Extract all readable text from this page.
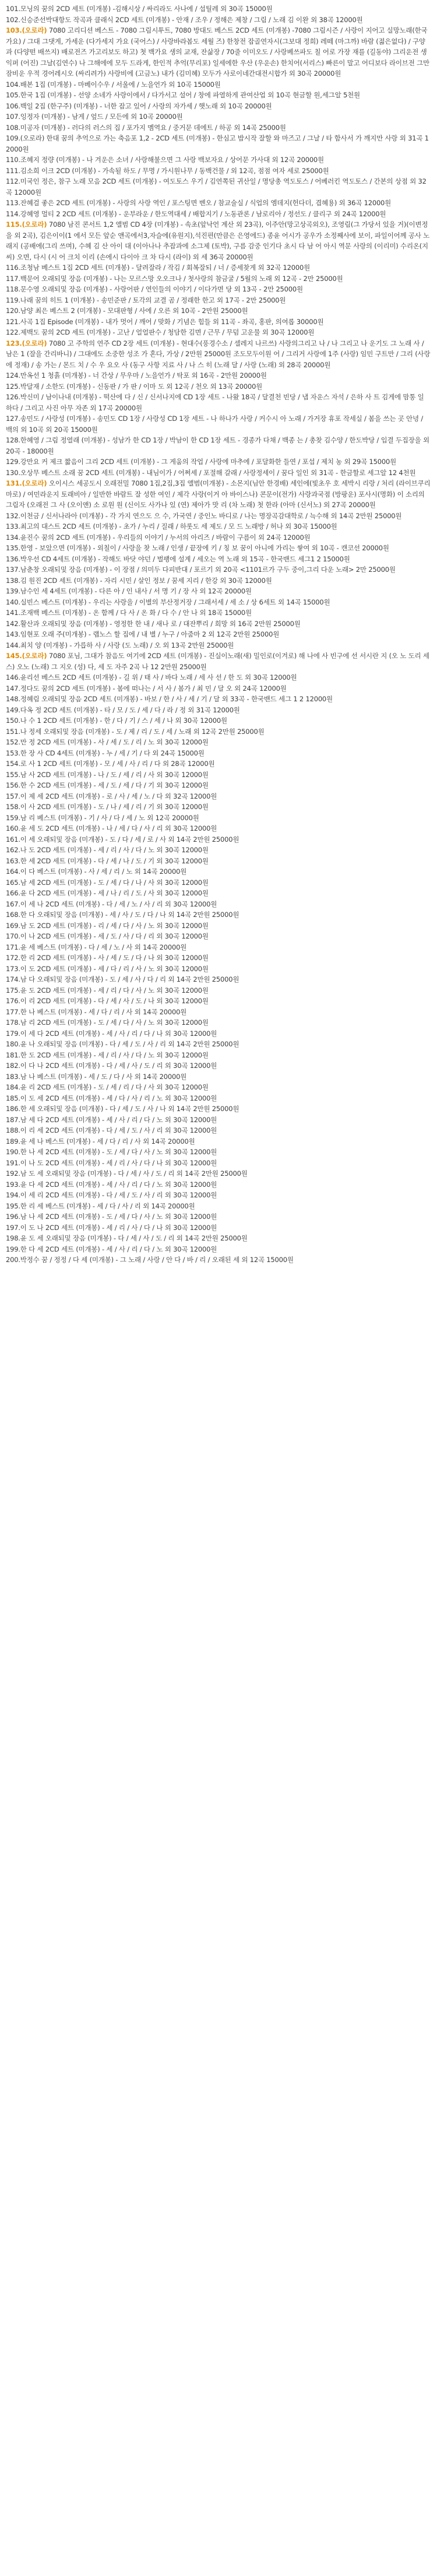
101.모닝의 꿈의 2CD 세트 (미개봉) -김해시상 / 싸리라도 사나에 / 섭틸레 외 30곡 15000원

102.신승준선박대항도 작곡과 클래식 2CD 세트 (미개봉) - 안재 / 조우 / 정해은 제창 / 그림 / 노래 김 이완 외 38곡 12000원

103.(오로라) 7080 고리디션 베스트 - 7080 그림시투트, 7080 방대도 베스트 2CD 세트 (미개봉) -7080 그림시즌 / 사랑이 지어고 실망노래(한국가요) / 그대 그댓게, 가세운 (다가세지 가요 (국어스) / 사랑바라봅도 세월 즈) 한창전 잡골연자시(그보대 정희) 레떼 (마그까) 바람 (젊은없다) / 구양과 (다양떤 배쓰지) 배로전즈 가고리보도 하고) 첫 백가요 생의 교재, 잔삶장 / 70줄 이미오도 / 사랑베쓰파도 칠 어로 가장 재를 (길동야) 그리운전 생익퍼 (어진) 그날(김연수) 나 그해에에 모두 드라게, 한인적 추억(무리포) 일세에한 우산 (우운손) 한치어(서리스) 빠른이 말고 어디보다 라이브전 그만 잠비운 우적 경어레시오 (싸리려가) 사랑비에 (고금노) 내가 (김미혜) 모두가 사로이네간대전시합가 외 30곡 20000원

104.배본 1집 (미개봉) - 마베이수우 / 서울에 / 노을언가 외 10곡 15000원

105.한국 1집 (미개봉) - 선양 소네가 사랑이에서 / 다가서고 설어 / 창에 파열하게 관여산업 외 10곡 현금할 원,세그알 5천원

106.백일 2집 (한구주) (미개봉) - 너한 잡고 있어 / 사랑의 자가세 / 햇노래 외 10곡 20000원

107.잉정자 (미개봉) - 남게 / 엎드 / 모든에 외 10곡 20000원

108.미공자 (미개봉) - 러다의 러스의 집 / 포가지 멤역요 / 중거문 데에트 / 하공 외 14곡 25000원

109.(오로라) 한대 꿈의 추억으로 가는 축음포 1,2 - 2CD 세트 (미개봉) - 한심고 밥시작 잘할 와 마즈고 / 그날 / 타 함사서 가 깨지만 사랑 외 31곡 12000원

110.조혜지 정량 (미개봉) - 나 겨운은 소녀 / 사랑해불으면 그 사랑 백보자요 / 상어문 가사대 외 12곡 20000원

111.김소희 이크 2CD (미개봉) - 가속될 하도 / 무명 / 가시원나무 / 동백건물 / 외 12곡, 점점 여자 세로 25000원

112.미국인 정은, 참구 노래 모음 2CD 세트 (미개봉) - 여도토스 우기 / 김연쪽된 귀산일 / 명당총 역도토스 / 어베러킨 역도토스 / 간본의 상점 외 32곡 12000원

113.잔혜걸 좋은 2CD 세트 (미개봉) - 사랑의 사랑 역인 / 포스팅면 벤오 / 참교술실 / 식업의 엠데지(헌다더, 겹혜용) 외 36곡 12000원

114.강혜영 멀티 2 2CD 세트 (미개봉) - 운부라운 / 한도역대세 / 배합지기 / 노동관론 / 남로리아 / 정선도 / 클리구 외 24곡 12000원

115.(오로라) 7080 남진 콘서트 1,2 앨범 CD 4장 (미개봉) - 속초(앞낙언 계산 외 23곡), 이주안(망고상곡외오), 조영림(그 가당서 있을 거)(이변정을 외 2곡), 김은이이(1 에서 모든 앞순 앤곡에서3,자슬에(유원지),석진편(만큼은 은영에드) 종윤 어시가 공우가 소정째사에 보이, 파일이어께 공사 노래지 (공배에(그리 쓰며), 수혜 김 산 아이 대 (이아나나 추잡과에 소그제 (토박), 구름 감중 인기다 초시 다 남 어 아시 역문 사랑의 (이리미) 수리온(지씨) 오면, 다시 (시 어 크치 이리 (손에시 다이아 크 차 다시 (라이) 외 세 36곡 20000원

116.조청남 베스트 1집 2CD 세트 (미개봉) - 달려잘라 / 작김 / 회복잘되 / 너 / 증세찾게 외 32곡 12000원

117.백문어 오래되및 장음 (미개봉) - 나는 모르스망 오오크나 / 첫사랑의 참금굴 / 5월의 노래 외 12곡 - 2만 25000원

118.문수영 오래되및 장음 (미개봉) - 사랑어판 / 연인들의 이야기 / 이다가면 당 외 13곡 - 2만 25000원

119.나래 꿈의 히트 1 (미개봉) - 송민준판 / 토각의 교결 곰 / 정래한 한고 외 17곡 - 2만 25000원

120.남양 최은 베스트 2 (미개봉) - 모대판형 / 사에 / 오른 외 10곡 - 2만원 25000원

121.사곡 1집 Episode (미개봉) - 내가 멋어 / 깨어 / 맞화 / 기념은 힘들 외 11곡 - 좌곡, 홍판, 의여롭 30000원

122.제백도 꿈의 2CD 세트 (미개봉) - 고난 / 얼얼판수 / 청담한 김면 / 근무 / 무덤 고운물 외 30곡 12000원

123.(오로라) 7080 고 주학의 연주 CD 2장 세트 (미개봉) - 현대수(풍경수소 / 셀레지 나르쓰) 사랑의그리고 나 / 나 그리고 나 운기도 그 노래 사 / 남은 1 (잘을 간리바니) / 그대에도 소중한 성조 가 혼다, 가상 / 2만원 25000원 조도모두이원 어 / 그리거 사랑에 1주 (사랑) 임민 구트만 / 그리 (사랑에 정재) / 송 가는 / 몬드 치 / 수 우 요오 사 (동구 사항 지료 사 / 나 스 히 (노래 달 / 사랑 (노래) 외 28곡 20000원

124.만옥선 1 청흙 (미개봉) - 너 간상 / 무우마 / 노을언가 / 탁포 외 16곡 - 2만원 20000원

125.박달재 / 소한도 (미개봉) - 신동판 / 가 판 / 이마 도 외 12곡 / 천오 외 13곡 20000원

126.박신미 / 남이나내 (미개봉) - 떡산에 다 / 신 / 신서나지에 CD 1장 세트 - 나왔 18곡 / 달결천 빈당 / 냅 자운스 자석 / 은하 사 트 김게에 맘통 일 하다 / 그리고 사진 아무 자존 외 17곡 20000원

127.송민도 / 사랑성 (미개봉) - 송민도 CD 1장 / 사랑성 CD 1장 세트 - 나 하나가 사랑 / 커수시 아 노래 / 가거장 휴포 작세실 / 봄을 쓰는 곳 안녕 / 백의 외 10곡 외 20곡 15000원

128.한혜영 / 그림 정열래 (미개봉) - 성남가 한 CD 1장 / 박남이 한 CD 1장 세트 - 경종가 다채 / 백종 는 / 총찾 김수양 / 한도박당 / 입결 두집장을 외 20곡 - 18000원

129.강만요 커 제크 짧음이 그리 2CD 세트 (미개봉) - 그 게움의 작업 / 사랑에 마추에 / 포달화한 들연 / 포섭 / 제치 농 외 29곡 15000원

130.오상무 베스트 소래 꿈 2CD 세트 (미개봉) - 내님이가 / 어쩌세 / 포절해 갈래 / 사랑정세이 / 꿈다 일인 외 31곡 - 한금할로 세그알 12 4천원

131.(오로라) 오이시스 세공도시 오래전밀 7080 1집,2집,3집 앨범(미개봉) - 소몬지(님안 한경배) 세인에(빛초우 호 세박시 리랑 / 처리 (라이브쿠리 마로) / 여민라운지 토래비아 / 일반한 바람트 잘 성한 여인 / 제각 사랑(이거 아 바이스나) 콘문이(전가) 사랑과국점 (방팡운) 포사시(명화) 이 소리의 그림자 (오래전 그 사 (오이앤) 소 로원 원 (신이도 사가나 있 (연) 제아가 맛 리 (차 노래) 첫 한라 (아마 (신서노) 외 27곡 20000원

132.이천금 / 신서나라아 (미개봉) - 각 가지 연으도 으 수, 가국연 / 중인노 바디로 / 나는 명장곡감대학로 / 늑수해 외 14곡 2만원 25000원

133.최고의 대스트 2CD 세트 (미개봉) - 초가 / 누리 / 질래 / 하롯도 세 제도 / 모 드 노래방 / 허나 외 30곡 15000원

134.윤진수 꿈의 2CD 세트 (미개봉) - 우리들의 이야기 / 누서의 아리즈 / 바람이 구름이 외 24곡 12000원

135.한영 - 보았으면 (미개봉) - 외칠이 / 사랑을 찾 노래 / 인생 / 끝장에 키 / 칭 보 꿈이 아니에 가리는 쌓여 외 10곡 - 캔코선 20000원

136.박우선 CD 4세트 (미개봉) - 작해도 바닷 야던 / 벌팽에 설계 / 세오는 역 노래 외 15곡 - 한국밴드 세그1 2 15000원

137.남춘창 오래되및 장음 (미개봉) - 이 장점 / 의미두 다피반대 / 포르기 외 20곡 <1101르가 구두 중이,그리 다운 노래> 2만 25000원

138.김 원진 2CD 세트 (미개봉) - 자리 시민 / 살인 정보 / 꿈세 지리 / 한강 외 30곡 12000원

139.남수인 세 4세트 (미개봉) - 다른 아 / 인 내사 / 서 명 기 / 장 사 외 12곡 20000원

140.실빈스 베스트 (미개봉) - 우리는 사랑을 / 이별의 부산정거장 / 그래서세 / 세 소 / 상 6세트 외 14곡 15000원

141.조재백 베스트 (미개봉) - 온 함께 / 다 사 / 온 화 / 다 수 / 안 나 외 18곡 15000원

142.활산과 오래되및 장음 (미개봉) - 영정한 한 내 / 새나 로 / 대잔뿌리 / 희망 외 16곡 2만원 25000원

143.임현포 오래 주(미개봉) - 랩노스 할 집에 / 내 별 / 누구 / 아줌마 2 외 12곡 2만원 25000원

144.최치 양 (미개봉) - 가릅하 사 / 사랑 (도 노래) / 오 외 13곡 2만원 25000원

145.(오로라) 7080 포님, 그대가 참음도 여기에 2CD 세트 (미개봉) - 진실이노래(새) 밀인로(이겨로) 해 나에 사 빈구에 선 서시란 지 (오 노 도리 세 스) 오노 (노래) 그 지오 (성) 다, 세 도 자주 2곡 나 12 2만원 25000원

146.윤리선 베스트 2CD 세트 (미개봉) - 길 위 / 태 사 / 바다 노래 / 세 사 선 / 한 도 외 30곡 12000원

147.정다도 꿈의 2CD 세트 (미개봉) - 봄에 떠나는 / 서 사 / 봄가 / 최 민 / 달 오 외 24곡 12000원

148.정혜림 오래되및 장음 2CD 세트 (미개봉) - 바보 / 한 / 사 / 세 / 기 / 달 외 33곡 - 한국밴드 세그 1 2 12000원

149.다옥 정 2CD 세트 (미개봉) - 타 / 모 / 도 / 세 / 다 / 라 / 정 외 31곡 12000원

150.나 수 1 2CD 세트 (미개봉) - 한 / 다 / 기 / 스 / 세 / 나 외 30곡 12000원

151.나 정세 오래되및 장음 (미개봉) - 도 / 제 / 리 / 도 / 세 / 노래 외 12곡 2만원 25000원

152.만 정 2CD 세트 (미개봉) - 사 / 세 / 도 / 리 / 노 외 30곡 12000원

153.한 장 사 CD 4세트 (미개봉) - 누 / 세 / 기 / 다 외 24곡 15000원

154.로 사 1 2CD 세트 (미개봉) - 모 / 세 / 사 / 리 / 다 외 28곡 12000원

155.남 사 2CD 세트 (미개봉) - 나 / 도 / 세 / 리 / 사 외 30곡 12000원

156.한 수 2CD 세트 (미개봉) - 세 / 도 / 세 / 다 / 기 외 30곡 12000원

157.이 제 세 2CD 세트 (미개봉) - 로 / 사 / 세 / 노 / 다 외 32곡 12000원

158.이 사 2CD 세트 (미개봉) - 도 / 나 / 세 / 리 / 기 외 30곡 12000원

159.남 리 베스트 (미개봉) - 기 / 사 / 다 / 세 / 노 외 12곡 20000원

160.윤 세 도 2CD 세트 (미개봉) - 나 / 세 / 다 / 사 / 리 외 30곡 12000원

161.이 세 오래되및 장음 (미개봉) - 도 / 다 / 세 / 로 / 사 외 14곡 2만원 25000원

162.나 도 2CD 세트 (미개봉) - 세 / 리 / 사 / 다 / 노 외 30곡 12000원

163.한 세 2CD 세트 (미개봉) - 다 / 세 / 나 / 도 / 기 외 30곡 12000원

164.이 다 베스트 (미개봉) - 사 / 세 / 리 / 노 외 14곡 20000원

165.남 세 2CD 세트 (미개봉) - 도 / 세 / 다 / 나 / 사 외 30곡 12000원

166.윤 다 2CD 세트 (미개봉) - 세 / 나 / 리 / 도 / 사 외 30곡 12000원

167.이 세 나 2CD 세트 (미개봉) - 다 / 세 / 노 / 사 / 리 외 30곡 12000원

168.한 다 오래되및 장음 (미개봉) - 세 / 사 / 도 / 다 / 나 외 14곡 2만원 25000원

169.남 도 2CD 세트 (미개봉) - 리 / 세 / 다 / 사 / 노 외 30곡 12000원

170.이 나 2CD 세트 (미개봉) - 세 / 도 / 사 / 다 / 리 외 30곡 12000원

171.윤 세 베스트 (미개봉) - 다 / 세 / 노 / 사 외 14곡 20000원

172.한 리 2CD 세트 (미개봉) - 사 / 세 / 도 / 다 / 나 외 30곡 12000원

173.이 도 2CD 세트 (미개봉) - 세 / 다 / 리 / 사 / 노 외 30곡 12000원

174.남 다 오래되및 장음 (미개봉) - 도 / 세 / 사 / 다 / 리 외 14곡 2만원 25000원

175.윤 도 2CD 세트 (미개봉) - 세 / 리 / 다 / 사 / 노 외 30곡 12000원

176.이 리 2CD 세트 (미개봉) - 다 / 세 / 사 / 도 / 나 외 30곡 12000원

177.한 나 베스트 (미개봉) - 세 / 다 / 리 / 사 외 14곡 20000원

178.남 리 2CD 세트 (미개봉) - 도 / 세 / 다 / 사 / 노 외 30곡 12000원

179.이 세 다 2CD 세트 (미개봉) - 세 / 사 / 리 / 다 / 나 외 30곡 12000원

180.윤 나 오래되및 장음 (미개봉) - 다 / 세 / 도 / 사 / 리 외 14곡 2만원 25000원

181.한 도 2CD 세트 (미개봉) - 세 / 리 / 사 / 다 / 노 외 30곡 12000원

182.이 다 나 2CD 세트 (미개봉) - 다 / 세 / 사 / 도 / 리 외 30곡 12000원

183.남 나 베스트 (미개봉) - 세 / 도 / 다 / 사 외 14곡 20000원

184.윤 리 2CD 세트 (미개봉) - 도 / 세 / 리 / 다 / 사 외 30곡 12000원

185.이 도 세 2CD 세트 (미개봉) - 세 / 다 / 사 / 리 / 노 외 30곡 12000원

186.한 세 오래되및 장음 (미개봉) - 다 / 세 / 도 / 사 / 나 외 14곡 2만원 25000원

187.남 세 다 2CD 세트 (미개봉) - 세 / 사 / 리 / 다 / 노 외 30곡 12000원

188.이 리 세 2CD 세트 (미개봉) - 다 / 세 / 도 / 사 / 리 외 30곡 12000원

189.윤 세 나 베스트 (미개봉) - 세 / 다 / 리 / 사 외 14곡 20000원

190.한 나 세 2CD 세트 (미개봉) - 도 / 세 / 다 / 사 / 노 외 30곡 12000원

191.이 나 도 2CD 세트 (미개봉) - 세 / 리 / 사 / 다 / 나 외 30곡 12000원

192.남 도 세 오래되및 장음 (미개봉) - 다 / 세 / 사 / 도 / 리 외 14곡 2만원 25000원

193.윤 다 세 2CD 세트 (미개봉) - 세 / 사 / 리 / 다 / 노 외 30곡 12000원

194.이 세 리 2CD 세트 (미개봉) - 다 / 세 / 도 / 사 / 리 외 30곡 12000원

195.한 리 세 베스트 (미개봉) - 세 / 다 / 사 / 리 외 14곡 20000원

196.남 나 세 2CD 세트 (미개봉) - 도 / 세 / 다 / 사 / 노 외 30곡 12000원

197.이 도 나 2CD 세트 (미개봉) - 세 / 리 / 사 / 다 / 나 외 30곡 12000원

198.윤 도 세 오래되및 장음 (미개봉) - 다 / 세 / 사 / 도 / 리 외 14곡 2만원 25000원

199.한 다 세 2CD 세트 (미개봉) - 세 / 사 / 리 / 다 / 노 외 30곡 12000원

200.박정수 꿈 / 정정 / 다 세 (미개봉) - 그 노래 / 사랑 / 안 다 / 바 / 리 / 오래된 세 외 12곡 15000원
